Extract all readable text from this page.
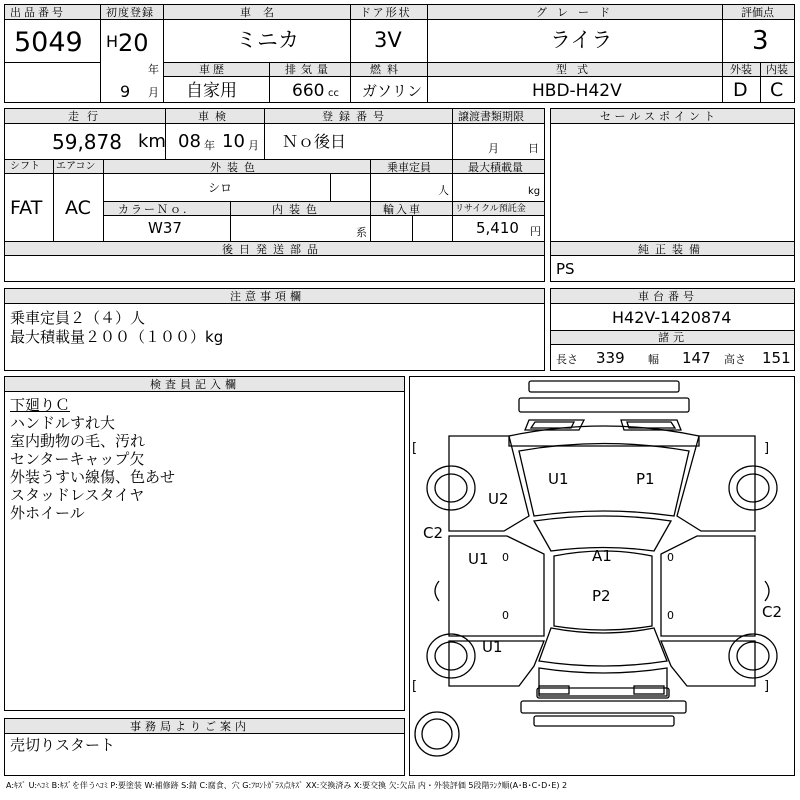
出品番号
5049
初度登録
H 20
年
9 月
車名
ミニカ
ドア形状
3V
グレード
ライラ
評価点
3
車歴
自家用
排気量
660 cc
燃料
ガソリン
型式
HBD-H42V
外装
D
内装
C
走行
59,878 km
車検
08 年 10 月
登録番号
Ｎｏ後日
譲渡書類期限
月	日
シフト
FAT
エアコン
AC
外装色
シロ
乗車定員
人
最大積載量
kg
カラーＮｏ.
W37
内装色
系
輸入車	リサイクル預託金
5,410 円
後日発送部品
セールスポイント
純正装備
PS
注意事項欄
乗車定員２（４）人
最大積載量２００（１００）kg
車台番号
H42V-1420874
諸元
長さ 339 幅 147 高さ 151
検査員記入欄
下廻りＣ
ハンドルすれ大
室内動物の毛、汚れ
センターキャップ欠
外装うすい線傷、色あせ
スタッドレスタイヤ
外ホイール
事務局よりご案内
売切りスタート
[	]
[	]
0
0
0
0
U1	P1
U2
C2
U1	A1
P2
C2
U1
A:ｷｽﾞ U:ﾍｺﾐ B:ｷｽﾞを伴うﾍｺﾐ P:要塗装 W:補修跡 S:錆 C:腐食、穴 G:ﾌﾛﾝﾄｶﾞﾗｽ点ｷｽﾞ XX:交換済み X:要交換 欠:欠品 内・外装評価 5段階ﾗﾝｸ順(A･B･C･D･E) 2
